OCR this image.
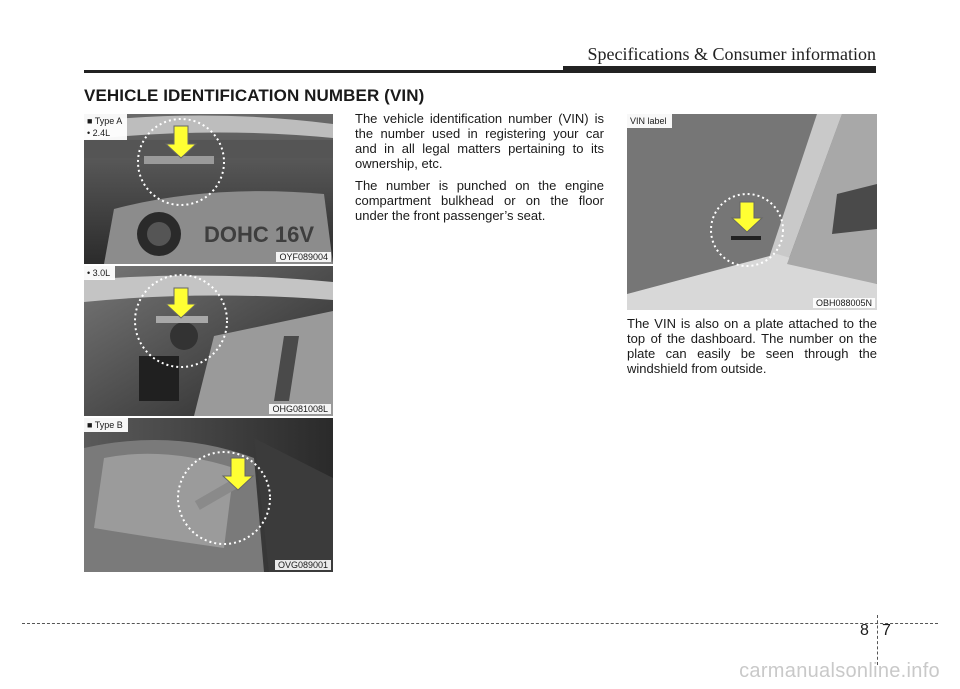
Specifications & Consumer information
VEHICLE IDENTIFICATION NUMBER (VIN)
DOHC 16V
■ Type A
• 2.4L
OYF089004
• 3.0L
OHG081008L
■ Type B
OVG089001

The vehicle identification number (VIN) is the number used in registering your car and in all legal matters pertaining to its ownership, etc.

The number is punched on the engine compartment bulkhead or on the floor under the front passenger’s seat.

VIN label
OBH088005N

The VIN is also on a plate attached to the top of the dashboard. The number on the plate can easily be seen through the windshield from outside.

8 7
carmanualsonline.info
